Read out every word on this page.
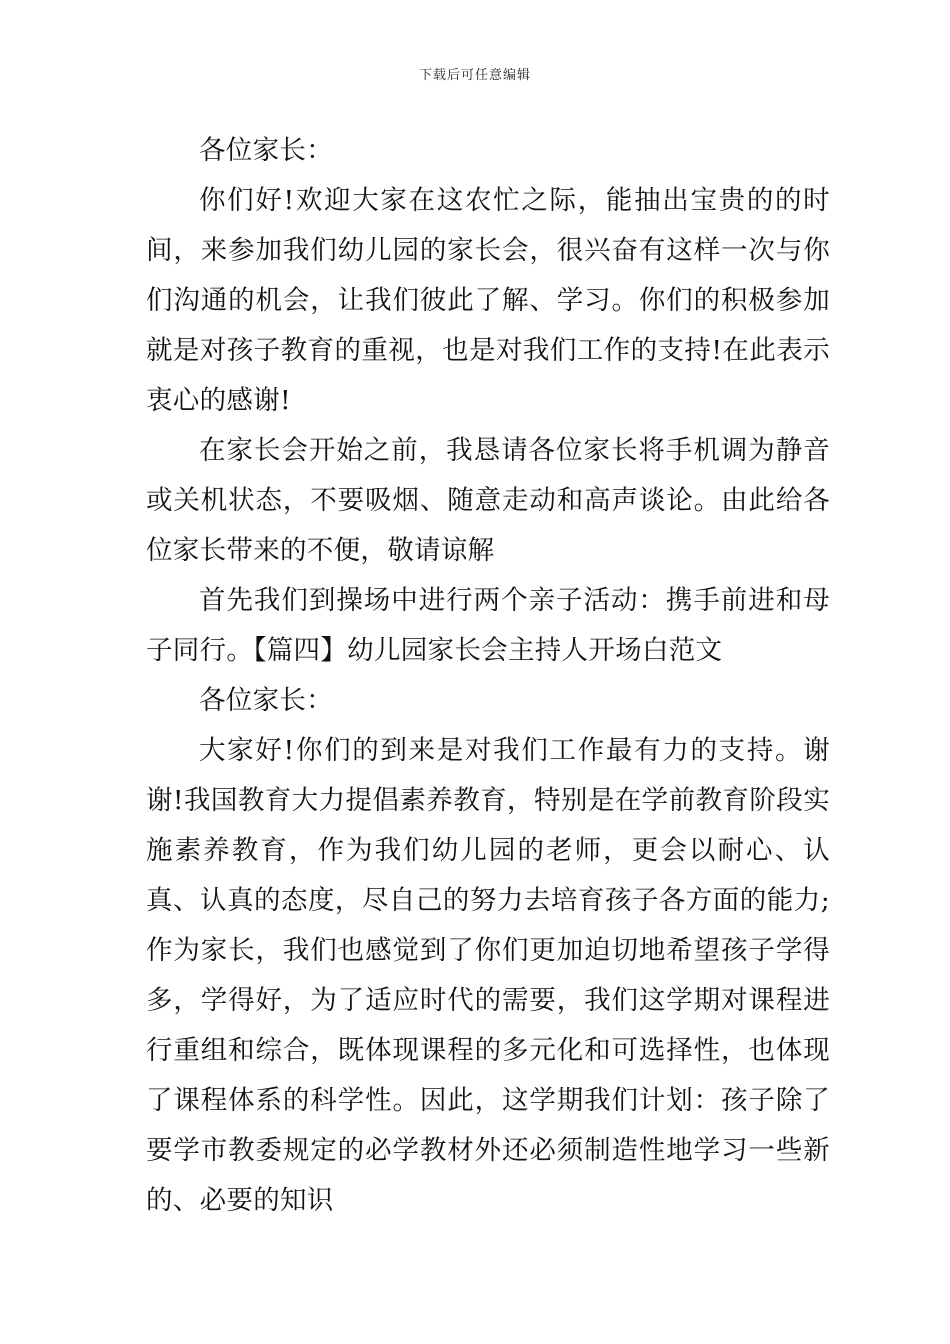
下载后可任意编辑

各位家长：

你们好!欢迎大家在这农忙之际，能抽出宝贵的的时间，来参加我们幼儿园的家长会，很兴奋有这样一次与你们沟通的机会，让我们彼此了解、学习。你们的积极参加就是对孩子教育的重视，也是对我们工作的支持!在此表示衷心的感谢!

在家长会开始之前，我恳请各位家长将手机调为静音或关机状态，不要吸烟、随意走动和高声谈论。由此给各位家长带来的不便，敬请谅解

首先我们到操场中进行两个亲子活动：携手前进和母子同行。【篇四】幼儿园家长会主持人开场白范文

各位家长：

大家好!你们的到来是对我们工作最有力的支持。谢谢!我国教育大力提倡素养教育，特别是在学前教育阶段实施素养教育，作为我们幼儿园的老师，更会以耐心、认真、认真的态度，尽自己的努力去培育孩子各方面的能力;作为家长，我们也感觉到了你们更加迫切地希望孩子学得多，学得好，为了适应时代的需要，我们这学期对课程进行重组和综合，既体现课程的多元化和可选择性，也体现了课程体系的科学性。因此，这学期我们计划：孩子除了要学市教委规定的必学教材外还必须制造性地学习一些新的、必要的知识
